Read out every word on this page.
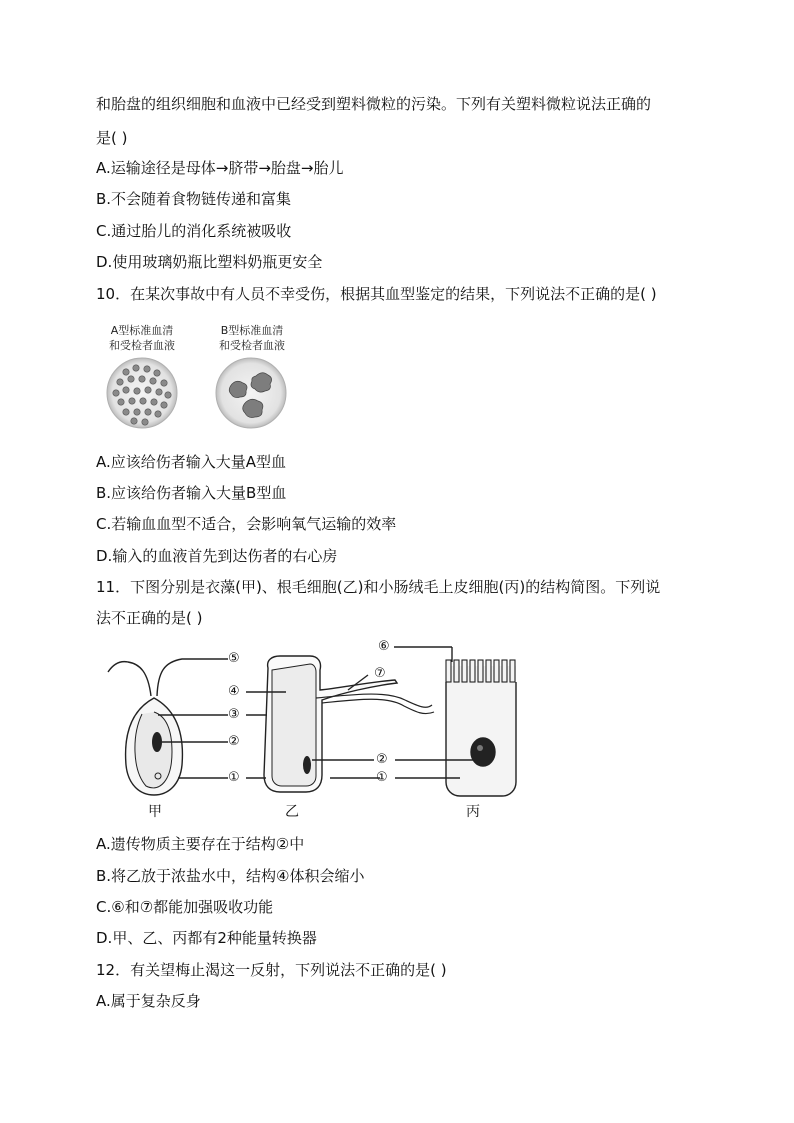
和胎盘的组织细胞和血液中已经受到塑料微粒的污染。下列有关塑料微粒说法正确的
是( )
A.运输途径是母体→脐带→胎盘→胎儿
B.不会随着食物链传递和富集
C.通过胎儿的消化系统被吸收
D.使用玻璃奶瓶比塑料奶瓶更安全
10．在某次事故中有人员不幸受伤，根据其血型鉴定的结果，下列说法不正确的是( )
A型标准血清
和受检者血液
B型标准血清
和受检者血液
⑤
④
③
②
①
⑦
②
①
⑥
甲	乙	丙
A.应该给伤者输入大量A型血
B.应该给伤者输入大量B型血
C.若输血血型不适合，会影响氧气运输的效率
D.输入的血液首先到达伤者的右心房
11．下图分别是衣藻(甲)、根毛细胞(乙)和小肠绒毛上皮细胞(丙)的结构简图。下列说
法不正确的是( )
A.遗传物质主要存在于结构②中
B.将乙放于浓盐水中，结构④体积会缩小
C.⑥和⑦都能加强吸收功能
D.甲、乙、丙都有2种能量转换器
12．有关望梅止渴这一反射，下列说法不正确的是( )
A.属于复杂反身
